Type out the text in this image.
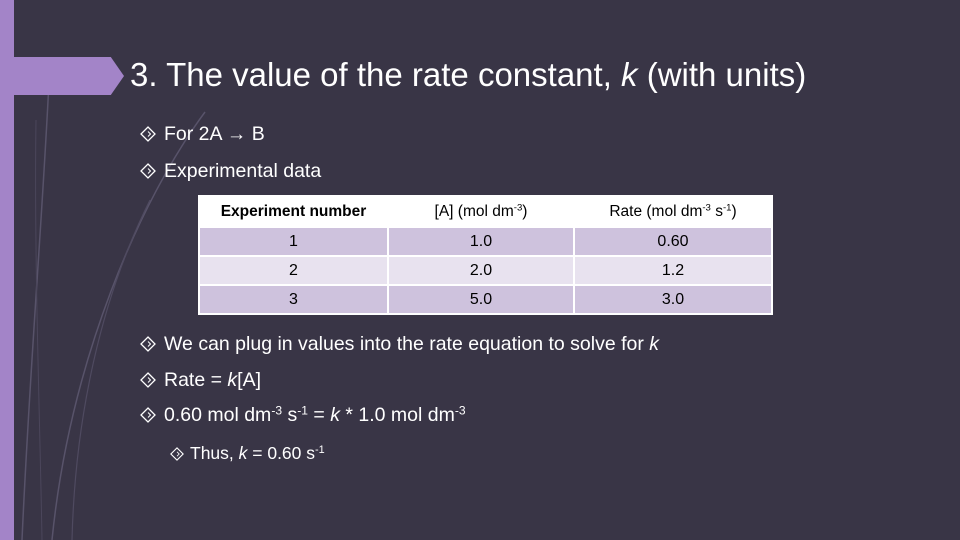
3. The value of the rate constant, k (with units)
For 2A → B
Experimental data
Experiment number	[A] (mol $dm^{-3}$)	Rate (mol $dm^{-3}$ $s^{-1}$)
1	1.0	0.60
2	2.0	1.2
3	5.0	3.0
We can plug in values into the rate equation to solve for k
Rate = k[A]
0.60 mol $dm^{-3}$ $s^{-1} = k * 1.0$ mol $dm^{-3}$
Thus, k = 0.60 $s^{-1}$
